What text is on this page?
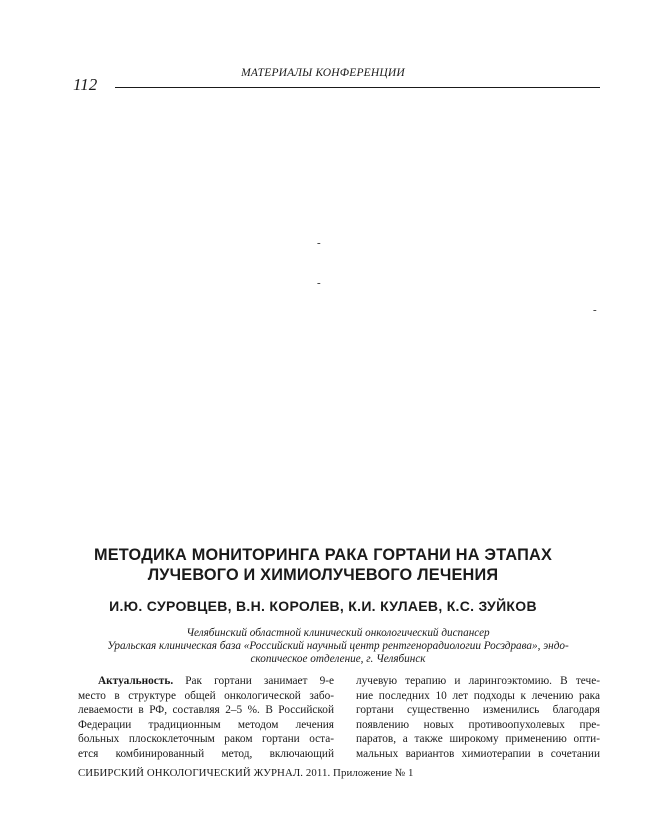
МАТЕРИАЛЫ КОНФЕРЕНЦИИ
112
-
-
-
МЕТОДИКА МОНИТОРИНГА РАКА ГОРТАНИ НА ЭТАПАХ
ЛУЧЕВОГО И ХИМИОЛУЧЕВОГО ЛЕЧЕНИЯ
И.Ю. СУРОВЦЕВ, В.Н. КОРОЛЕВ, К.И. КУЛАЕВ, К.С. ЗУЙКОВ
Челябинский областной клинический онкологический диспансер
Уральская клиническая база «Российский научный центр рентгенорадиологии Росздрава», эндо-
скопическое отделение, г. Челябинск
Актуальность. Рак гортани занимает 9-е
место в структуре общей онкологической забо-
леваемости в РФ, составляя 2–5 %. В Российской
Федерации традиционным методом лечения
больных плоскоклеточным раком гортани оста-
ется комбинированный метод, включающий
лучевую терапию и ларингоэктомию. В тече-
ние последних 10 лет подходы к лечению рака
гортани существенно изменились благодаря
появлению новых противоопухолевых пре-
паратов, а также широкому применению опти-
мальных вариантов химиотерапии в сочетании
СИБИРСКИЙ ОНКОЛОГИЧЕСКИЙ ЖУРНАЛ. 2011. Приложение № 1
